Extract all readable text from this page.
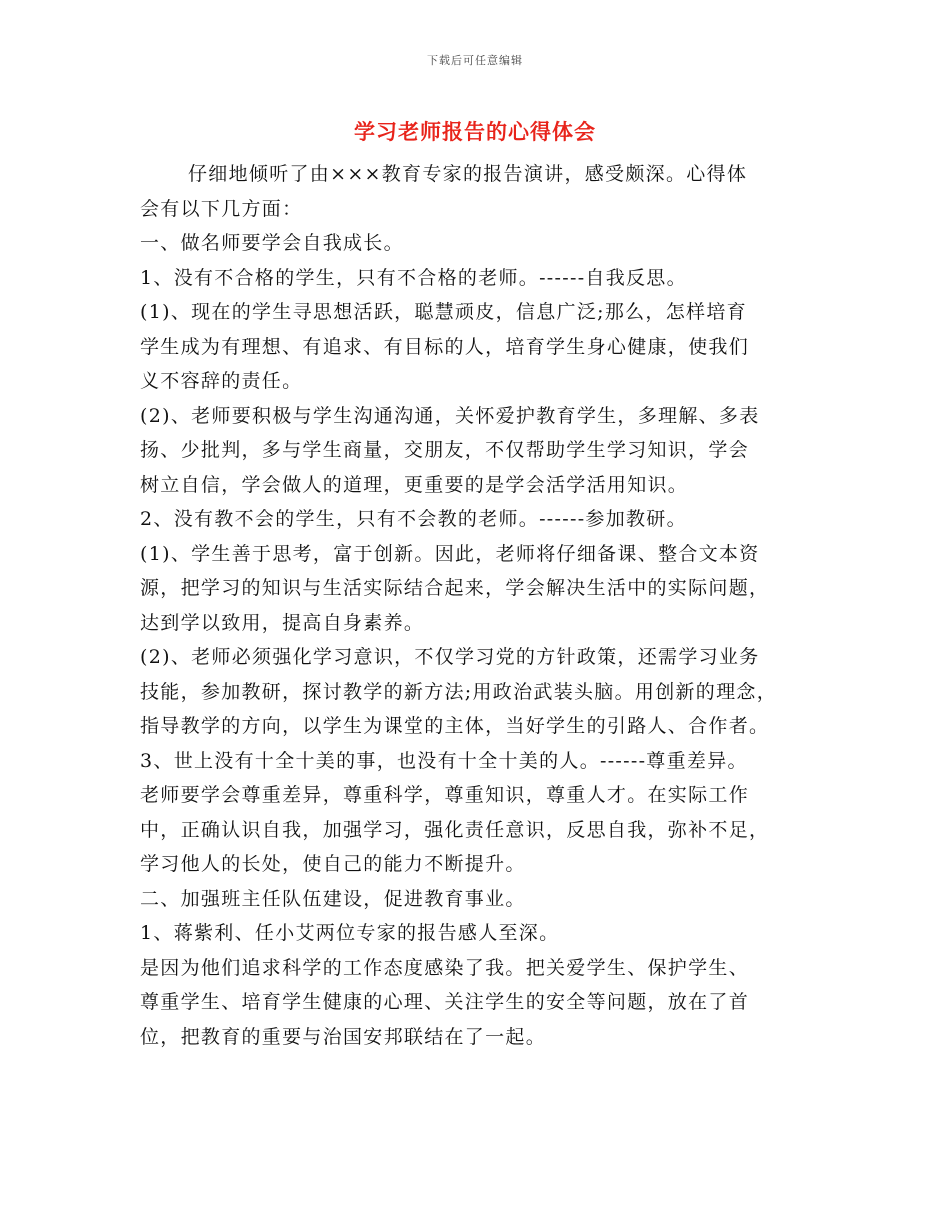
下载后可任意编辑
学习老师报告的心得体会
仔细地倾听了由×××教育专家的报告演讲，感受颇深。心得体
会有以下几方面：
一、做名师要学会自我成长。
1、没有不合格的学生，只有不合格的老师。------自我反思。
(1)、现在的学生寻思想活跃，聪慧顽皮，信息广泛;那么，怎样培育
学生成为有理想、有追求、有目标的人，培育学生身心健康，使我们
义不容辞的责任。
(2)、老师要积极与学生沟通沟通，关怀爱护教育学生，多理解、多表
扬、少批判，多与学生商量，交朋友，不仅帮助学生学习知识，学会
树立自信，学会做人的道理，更重要的是学会活学活用知识。
2、没有教不会的学生，只有不会教的老师。------参加教研。
(1)、学生善于思考，富于创新。因此，老师将仔细备课、整合文本资
源，把学习的知识与生活实际结合起来，学会解决生活中的实际问题，
达到学以致用，提高自身素养。
(2)、老师必须强化学习意识，不仅学习党的方针政策，还需学习业务
技能，参加教研，探讨教学的新方法;用政治武装头脑。用创新的理念，
指导教学的方向，以学生为课堂的主体，当好学生的引路人、合作者。
3、世上没有十全十美的事，也没有十全十美的人。------尊重差异。
老师要学会尊重差异，尊重科学，尊重知识，尊重人才。在实际工作
中，正确认识自我，加强学习，强化责任意识，反思自我，弥补不足，
学习他人的长处，使自己的能力不断提升。
二、加强班主任队伍建设，促进教育事业。
1、蒋紫利、任小艾两位专家的报告感人至深。
是因为他们追求科学的工作态度感染了我。把关爱学生、保护学生、
尊重学生、培育学生健康的心理、关注学生的安全等问题，放在了首
位，把教育的重要与治国安邦联结在了一起。
